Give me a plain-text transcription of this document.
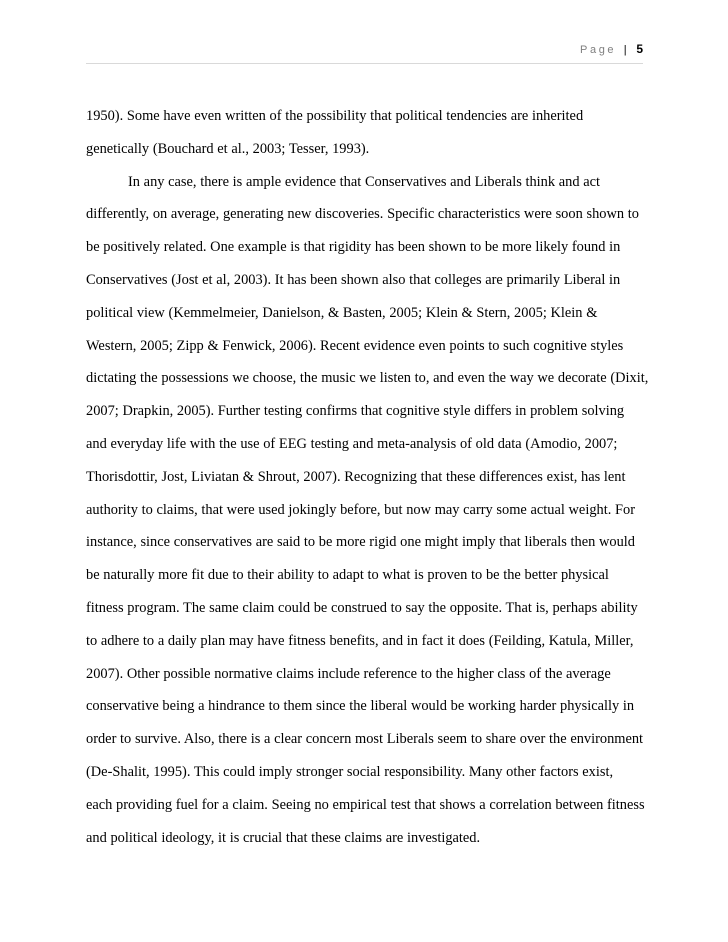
Page | 5
1950). Some have even written of the possibility that political tendencies are inherited
genetically (Bouchard et al., 2003; Tesser, 1993).
In any case, there is ample evidence that Conservatives and Liberals think and act
differently, on average, generating new discoveries. Specific characteristics were soon shown to
be positively related. One example is that rigidity has been shown to be more likely found in
Conservatives (Jost et al, 2003). It has been shown also that colleges are primarily Liberal in
political view (Kemmelmeier, Danielson, & Basten, 2005; Klein & Stern, 2005; Klein &
Western, 2005; Zipp & Fenwick, 2006). Recent evidence even points to such cognitive styles
dictating the possessions we choose, the music we listen to, and even the way we decorate (Dixit,
2007; Drapkin, 2005). Further testing confirms that cognitive style differs in problem solving
and everyday life with the use of EEG testing and meta-analysis of old data (Amodio, 2007;
Thorisdottir, Jost, Liviatan & Shrout, 2007). Recognizing that these differences exist, has lent
authority to claims, that were used jokingly before, but now may carry some actual weight. For
instance, since conservatives are said to be more rigid one might imply that liberals then would
be naturally more fit due to their ability to adapt to what is proven to be the better physical
fitness program. The same claim could be construed to say the opposite. That is, perhaps ability
to adhere to a daily plan may have fitness benefits, and in fact it does (Feilding, Katula, Miller,
2007). Other possible normative claims include reference to the higher class of the average
conservative being a hindrance to them since the liberal would be working harder physically in
order to survive. Also, there is a clear concern most Liberals seem to share over the environment
(De-Shalit, 1995). This could imply stronger social responsibility. Many other factors exist,
each providing fuel for a claim. Seeing no empirical test that shows a correlation between fitness
and political ideology, it is crucial that these claims are investigated.
